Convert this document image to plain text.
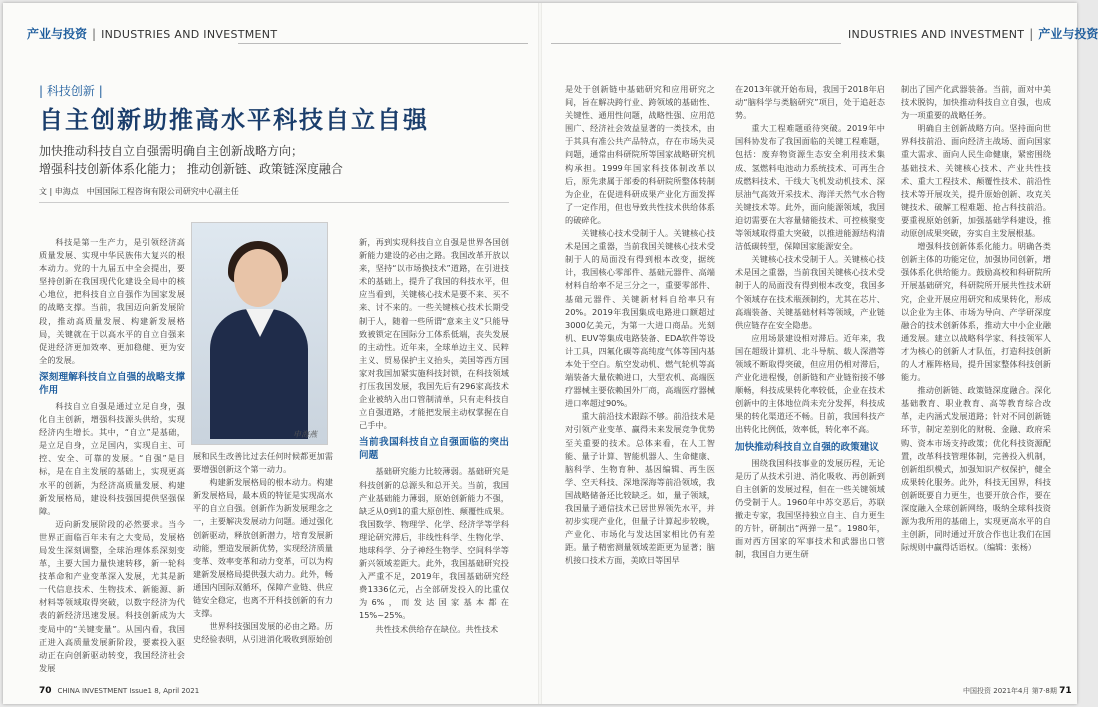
产业与投资 | INDUSTRIES AND INVESTMENT	INDUSTRIES AND INVESTMENT | 产业与投资
| 科技创新 |
自主创新助推高水平科技自立自强
加快推动科技自立自强需明确自主创新战略方向；
增强科技创新体系化能力； 推动创新链、政策链深度融合
文 | 申海点　中国国际工程咨询有限公司研究中心副主任

科技是第一生产力，是引领经济高质量发展、实现中华民族伟大复兴的根本动力。党的十九届五中全会提出，要坚持创新在我国现代化建设全局中的核心地位，把科技自立自强作为国家发展的战略支撑。当前，我国迈向新发展阶段，推动高质量发展、构建新发展格局，关键就在于以高水平的自立自强来促进经济更加效率、更加稳健、更为安全的发展。

深刻理解科技自立自强的战略支撑作用

科技自立自强是通过立足自身，强化自主创新，增强科技源头供给，实现经济内生增长。其中，“自立”是基础，是立足自身，立足国内，实现自主、可控、安全、可靠的发展。“自强”是目标，是在自主发展的基础上，实现更高水平的创新，为经济高质量发展、构建新发展格局，建设科技强国提供坚强保障。

迈向新发展阶段的必然要求。当今世界正面临百年未有之大变局，发展格局发生深刻调整，全球治理体系深刻变革，主要大国力量快速转移，新一轮科技革命和产业变革深入发展，尤其是新一代信息技术、生物技术、新能源、新材料等领域取得突破，以数字经济为代表的新经济迅速发展。科技创新成为大变局中的“关键变量”。从国内看，我国正进入高质量发展新阶段，要素投入驱动正在向创新驱动转变，我国经济社会发展

申海燕

展和民生改善比过去任何时候都更加需要增强创新这个第一动力。

构建新发展格局的根本动力。构建新发展格局，最本质的特征是实现高水平的自立自强。创新作为新发展理念之一，主要解决发展动力问题。通过强化创新驱动，释放创新潜力，培育发展新动能，塑造发展新优势，实现经济质量变革、效率变革和动力变革，可以为构建新发展格局提供强大动力。此外，畅通国内国际双循环，保障产业链、供应链安全稳定，也离不开科技创新的有力支撑。

世界科技强国发展的必由之路。历史经验表明，从引进消化吸收到原始创

新，再到实现科技自立自强是世界各国创新能力建设的必由之路。我国改革开放以来，坚持“以市场换技术”道路，在引进技术的基础上，提升了我国的科技水平，但应当看到，关键核心技术是要不来、买不来、讨不来的。一些关键核心技术长期受制于人，随着一些所谓“意来主义”只能导致被锁定在国际分工体系低端，丧失发展的主动性。近年来，全球单边主义、民粹主义、贸易保护主义抬头，美国等西方国家对我国加紧实施科技封锁，在科技领域打压我国发展，我国先后有296家高技术企业被纳入出口管制清单，只有走科技自立自强道路，才能把发展主动权掌握在自己手中。

当前我国科技自立自强面临的突出问题

基础研究能力比较薄弱。基础研究是科技创新的总源头和总开关。当前，我国产业基础能力薄弱，原始创新能力不强，缺乏从0到1的重大原创性、颠覆性成果。我国数学、物理学、化学、经济学等学科理论研究滞后，非线性科学、生物化学、地球科学、分子神经生物学、空间科学等新兴领域差距大。此外，我国基础研究投入严重不足，2019年，我国基础研究经费1336亿元，占全部研发投入的比重仅为6%，而发达国家基本都在15%~25%。

共性技术供给存在缺位。共性技术

是处于创新链中基础研究和应用研究之间，旨在解决跨行业、跨领域的基础性、关键性、通用性问题，战略性强、应用范围广、经济社会效益显著的一类技术，由于其具有准公共产品特点，存在市场失灵问题，通常由科研院所等国家战略研究机构承担。1999年国家科技体制改革以后，原先隶属于部委的科研院所整体转制为企业，在促进科研成果产业化方面发挥了一定作用，但也导致共性技术供给体系的破碎化。

关键核心技术受制于人。关键核心技术是国之重器，当前我国关键核心技术受制于人的局面没有得到根本改变，据统计，我国核心零部件、基础元器件、高端材料自给率不足三分之一，重要零部件、基础元器件、关键新材料自给率只有20%。2019年我国集成电路进口额超过3000亿美元，为第一大进口商品。光刻机、EUV等集成电路装备、EDA软件等设计工具，四氟化碳等高纯度气体等国内基本处于空白。航空发动机、燃气轮机等高端装备大量依赖进口，大型农机、高端医疗器械主要依赖国外厂商，高端医疗器械进口率超过90%。

重大前沿技术跟踪不够。前沿技术是对引领产业变革、赢得未来发展竞争优势至关重要的技术。总体来看，在人工智能、量子计算、智能机器人、生命健康、脑科学、生物育种、基因编辑、再生医学、空天科技、深地深海等前沿领域，我国战略储备还比较缺乏。如，量子领域，我国量子通信技术已居世界领先水平，并初步实现产业化，但量子计算起步较晚，产业化、市场化与发达国家相比仍有差距。量子精密测量领域差距更为显著；脑机接口技术方面，美欧日等国早

在2013年就开始布局，我国于2018年启动“脑科学与类脑研究”项目，处于追赶态势。

重大工程难题亟待突破。2019年中国科协发布了我国面临的关键工程难题，包括：废弃物资源生态安全利用技术集成、氢燃料电池动力系统技术、可再生合成燃料技术、干线大飞机发动机技术、深层油气高效开采技术、海洋天然气水合物关键技术等。此外，面向能源领域，我国迫切需要在大容量储能技术、可控核聚变等领域取得重大突破，以推进能源结构清洁低碳转型，保障国家能源安全。

关键核心技术受制于人。关键核心技术是国之重器，当前我国关键核心技术受制于人的局面没有得到根本改变，我国多个领域存在技术瓶颈制约，尤其在芯片、高端装备、关键基础材料等领域，产业链供应链存在安全隐患。

应用场景建设相对滞后。近年来，我国在超级计算机、北斗导航、载人深潜等领域不断取得突破，但应用仍相对滞后，产业化进程慢，创新链和产业链衔接不够顺畅，科技成果转化率较低，企业在技术创新中的主体地位尚未充分发挥，科技成果的转化渠道还不畅。目前，我国科技产出转化比例低，效率低，转化率不高。

加快推动科技自立自强的政策建议

围绕我国科技事业的发展历程，无论是历了从技术引进、消化吸收、再创新到自主创新的发展过程，但在一些关键领域仍受制于人。1960年中苏交恶后，苏联撤走专家，我国坚持独立自主、自力更生的方针，研制出“两弹一星”。1980年，面对西方国家的军事技术和武器出口管制，我国自力更生研

制出了国产化武器装备。当前，面对中美技术脱钩，加快推动科技自立自强，也成为一项重要的战略任务。

明确自主创新战略方向。坚持面向世界科技前沿、面向经济主战场、面向国家重大需求、面向人民生命健康，紧密围绕基础技术、关键核心技术、产业共性技术、重大工程技术、颠覆性技术、前沿性技术等开展攻关，提升原始创新、攻克关键技术、破解工程难题、抢占科技前沿。要重视原始创新，加强基础学科建设，推动原创成果突破，夯实自主发展根基。

增强科技创新体系化能力。明确各类创新主体的功能定位，加强协同创新，增强体系化供给能力。鼓励高校和科研院所开展基础研究，科研院所开展共性技术研究，企业开展应用研究和成果转化，形成以企业为主体、市场为导向、产学研深度融合的技术创新体系，推动大中小企业融通发展。建立以战略科学家、科技领军人才为核心的创新人才队伍，打造科技创新的人才雁阵格局，提升国家整体科技创新能力。

推动创新链、政策链深度融合。深化基础教育、职业教育、高等教育综合改革，走内涵式发展道路；针对不同创新链环节，制定差别化的财税、金融、政府采购、资本市场支持政策；优化科技资源配置，改革科技管理体制，完善投入机制，创新组织模式，加强知识产权保护，健全成果转化服务。此外，科技无国界，科技创新既要自力更生，也要开放合作，要在深度融入全球创新网络，吸纳全球科技资源为我所用的基础上，实现更高水平的自主创新，同时通过开放合作也让我们在国际规则中赢得话语权。（编辑：张杨）

70 CHINA INVESTMENT Issue1 8, April 2021	中国投资 2021年4月 第7·8期 71
